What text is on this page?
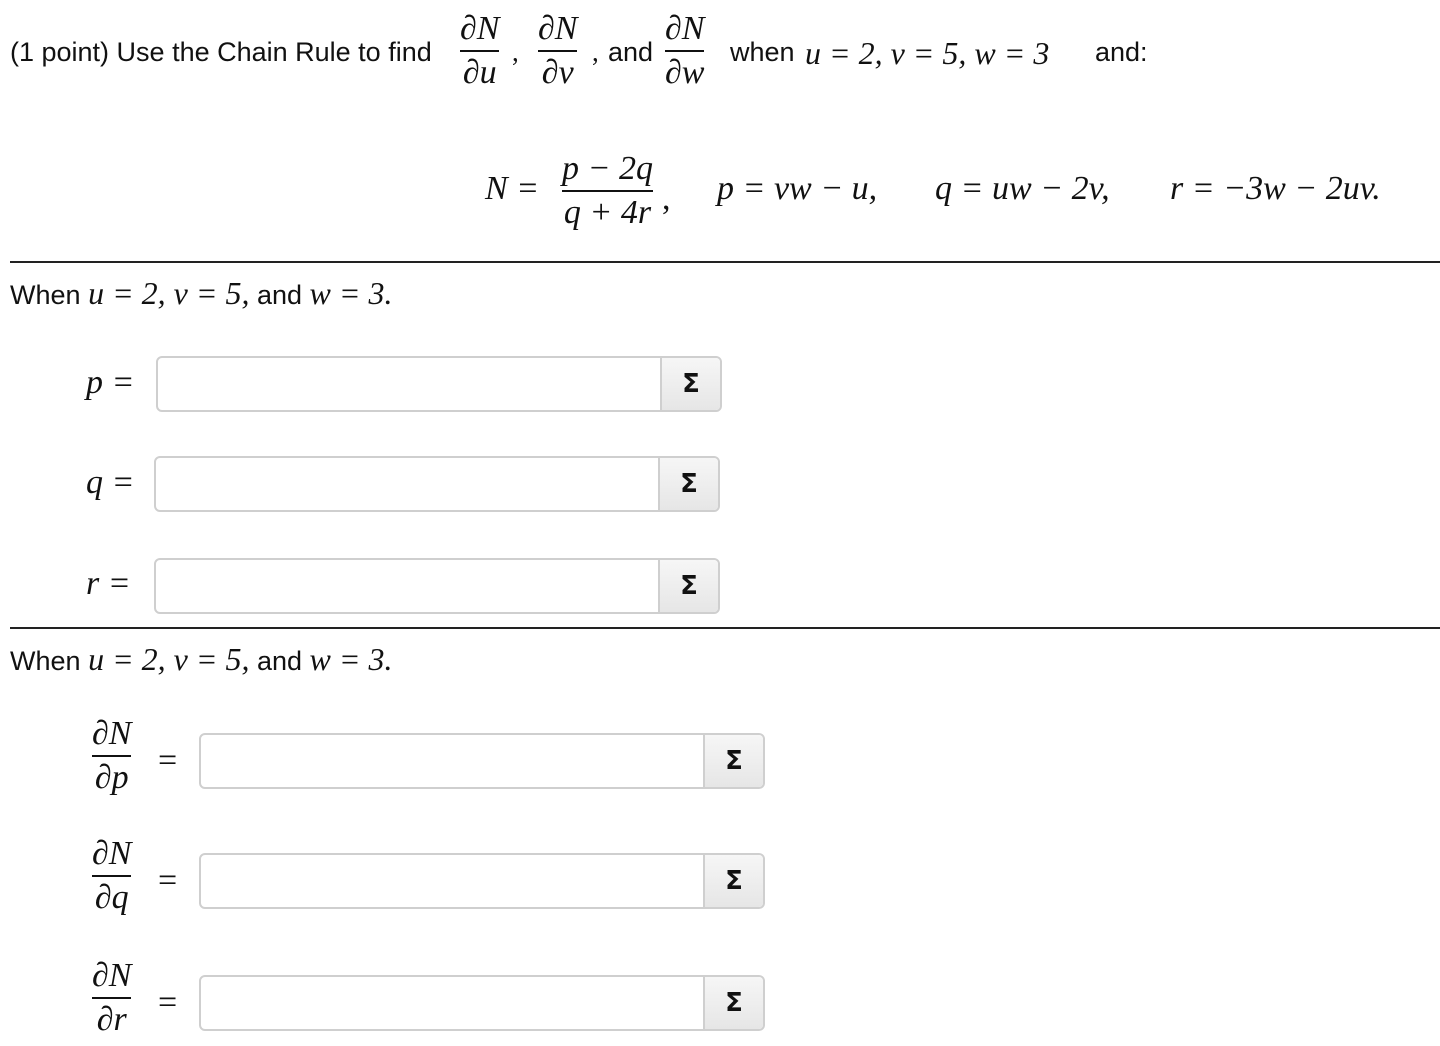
(1 point) Use the Chain Rule to find
∂N
∂u
,
∂N
∂v
, and
∂N
∂w
when u = 2, v = 5, w = 3 and:
N =
p − 2q
q + 4r , p = vw − u, q = uw − 2v, r = −3w − 2uv.
When u = 2, v = 5, and w = 3.
p =	Σ
q =	Σ
r =	Σ
When u = 2, v = 5, and w = 3.
∂N
∂p =	Σ
∂N
∂q =	Σ
∂N
∂r =	Σ
